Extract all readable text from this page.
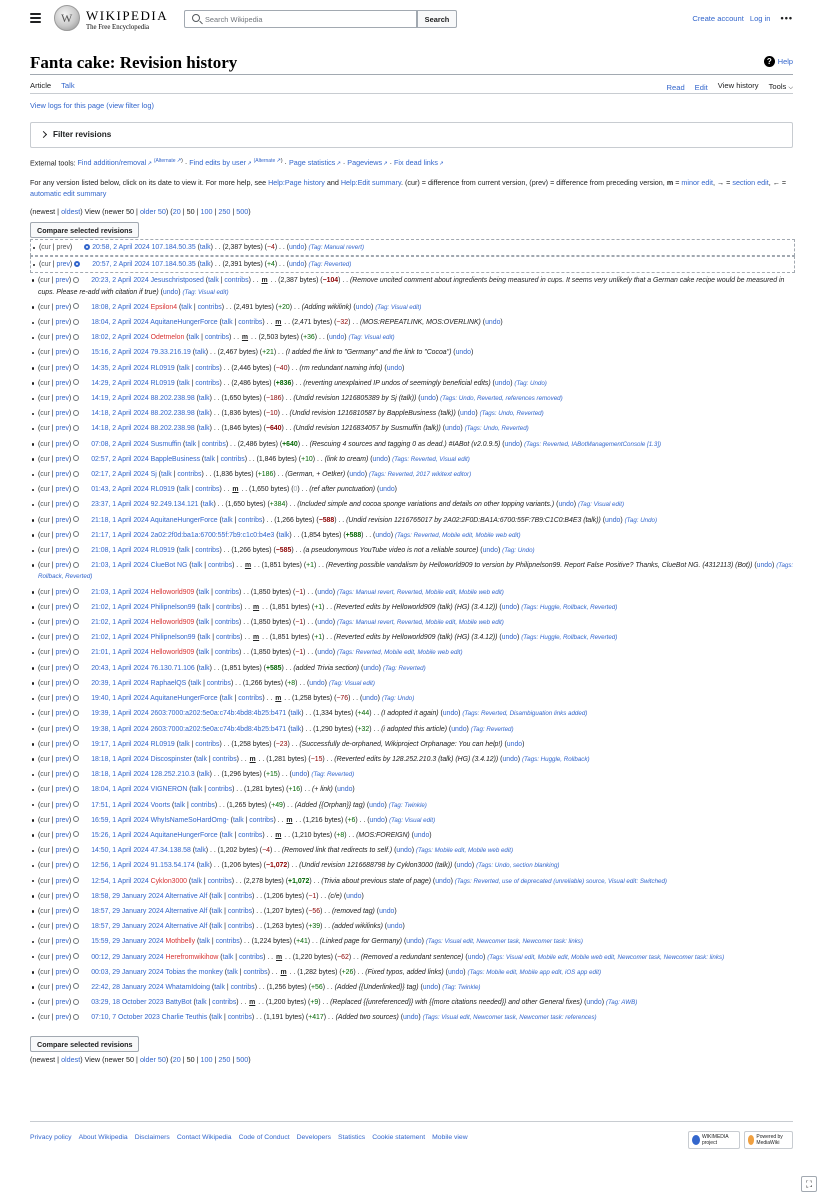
W
WIKIPEDIA
The Free Encyclopedia
Search Wikipedia
Search	Create account Log in •••
Fanta cake: Revision history	? Help
Article Talk	Read Edit View history Tools ⌵
View logs for this page (view filter log)
Filter revisions
External tools: Find addition/removal ↗ $^{(Alternate ↗ )}$ · Find edits by user ↗ $^{(Alternate ↗ )}$ · Page statistics ↗ · Pageviews ↗ · Fix dead links ↗
For any version listed below, click on its date to view it. For more help, see Help:Page history and Help:Edit summary. (cur) = difference from current version, (prev) = difference from preceding version, m = minor edit, → = section edit, ← = automatic edit summary
(newest | oldest) View (newer 50 | older 50) (20 | 50 | 100 | 250 | 500)
Compare selected revisions
(cur | prev)	20:58, 2 April 2024 107.184.50.35 (talk) . . (2,387 bytes) (−4) . . (undo) (Tag: Manual revert)
(cur | prev)	20:57, 2 April 2024 107.184.50.35 (talk) . . (2,391 bytes) (+4) . . (undo) (Tag: Reverted)
(cur | prev)	20:23, 2 April 2024 Jesuschristposed (talk | contribs) . . m . . (2,387 bytes) (−104) . . (Remove uncited comment about ingredients being measured in cups. It seems very unlikely that a German cake recipe would be measured in cups. Please re-add with citation if true) (undo) (Tag: Visual edit)
(cur | prev)	18:08, 2 April 2024 Epsilon4 (talk | contribs) . . (2,491 bytes) (+20) . . (Adding wikilink) (undo) (Tag: Visual edit)
(cur | prev)	18:04, 2 April 2024 AquitaneHungerForce (talk | contribs) . . m . . (2,471 bytes) (−32) . . (MOS:REPEATLINK, MOS:OVERLINK) (undo)
(cur | prev)	18:02, 2 April 2024 Odetmelon (talk | contribs) . . m . . (2,503 bytes) (+36) . . (undo) (Tag: Visual edit)
(cur | prev)	15:16, 2 April 2024 79.33.216.19 (talk) . . (2,467 bytes) (+21) . . (I added the link to "Germany" and the link to "Cocoa") (undo)
(cur | prev)	14:35, 2 April 2024 RL0919 (talk | contribs) . . (2,446 bytes) (−40) . . (rm redundant naming info) (undo)
(cur | prev)	14:29, 2 April 2024 RL0919 (talk | contribs) . . (2,486 bytes) (+836) . . (reverting unexplained IP undos of seemingly beneficial edits) (undo) (Tag: Undo)
(cur | prev)	14:19, 2 April 2024 88.202.238.98 (talk) . . (1,650 bytes) (−186) . . (Undid revision 1216805389 by Sj (talk)) (undo) (Tags: Undo, Reverted, references removed)
(cur | prev)	14:18, 2 April 2024 88.202.238.98 (talk) . . (1,836 bytes) (−10) . . (Undid revision 1216810587 by BappleBusiness (talk)) (undo) (Tags: Undo, Reverted)
(cur | prev)	14:18, 2 April 2024 88.202.238.98 (talk) . . (1,846 bytes) (−640) . . (Undid revision 1216834057 by Susmuffin (talk)) (undo) (Tags: Undo, Reverted)
(cur | prev)	07:08, 2 April 2024 Susmuffin (talk | contribs) . . (2,486 bytes) (+640) . . (Rescuing 4 sources and tagging 0 as dead.) #IABot (v2.0.9.5) (undo) (Tags: Reverted, IABotManagementConsole [1.3])
(cur | prev)	02:57, 2 April 2024 BappleBusiness (talk | contribs) . . (1,846 bytes) (+10) . . (link to cream) (undo) (Tags: Reverted, Visual edit)
(cur | prev)	02:17, 2 April 2024 Sj (talk | contribs) . . (1,836 bytes) (+186) . . (German, + Oetker) (undo) (Tags: Reverted, 2017 wikitext editor)
(cur | prev)	01:43, 2 April 2024 RL0919 (talk | contribs) . . m . . (1,650 bytes) (0) . . (ref after punctuation) (undo)
(cur | prev)	23:37, 1 April 2024 92.249.134.121 (talk) . . (1,650 bytes) (+384) . . (Included simple and cocoa sponge variations and details on other topping variants.) (undo) (Tag: Visual edit)
(cur | prev)	21:18, 1 April 2024 AquitaneHungerForce (talk | contribs) . . (1,266 bytes) (−588) . . (Undid revision 1216765017 by 2A02:2F0D:BA1A:6700:55F:7B9:C1C0:B4E3 (talk)) (undo) (Tag: Undo)
(cur | prev)	21:17, 1 April 2024 2a02:2f0d:ba1a:6700:55f:7b9:c1c0:b4e3 (talk) . . (1,854 bytes) (+588) . . (undo) (Tags: Reverted, Mobile edit, Mobile web edit)
(cur | prev)	21:08, 1 April 2024 RL0919 (talk | contribs) . . (1,266 bytes) (−585) . . (a pseudonymous YouTube video is not a reliable source) (undo) (Tag: Undo)
(cur | prev)	21:03, 1 April 2024 ClueBot NG (talk | contribs) . . m . . (1,851 bytes) (+1) . . (Reverting possible vandalism by Helloworld909 to version by Philipnelson99. Report False Positive? Thanks, ClueBot NG. (4312113) (Bot)) (undo) (Tags: Rollback, Reverted)
(cur | prev)	21:03, 1 April 2024 Helloworld909 (talk | contribs) . . (1,850 bytes) (−1) . . (undo) (Tags: Manual revert, Reverted, Mobile edit, Mobile web edit)
(cur | prev)	21:02, 1 April 2024 Philipnelson99 (talk | contribs) . . m . . (1,851 bytes) (+1) . . (Reverted edits by Helloworld909 (talk) (HG) (3.4.12)) (undo) (Tags: Huggle, Rollback, Reverted)
(cur | prev)	21:02, 1 April 2024 Helloworld909 (talk | contribs) . . (1,850 bytes) (−1) . . (undo) (Tags: Manual revert, Reverted, Mobile edit, Mobile web edit)
(cur | prev)	21:02, 1 April 2024 Philipnelson99 (talk | contribs) . . m . . (1,851 bytes) (+1) . . (Reverted edits by Helloworld909 (talk) (HG) (3.4.12)) (undo) (Tags: Huggle, Rollback, Reverted)
(cur | prev)	21:01, 1 April 2024 Helloworld909 (talk | contribs) . . (1,850 bytes) (−1) . . (undo) (Tags: Reverted, Mobile edit, Mobile web edit)
(cur | prev)	20:43, 1 April 2024 76.130.71.106 (talk) . . (1,851 bytes) (+585) . . (added Trivia section) (undo) (Tag: Reverted)
(cur | prev)	20:39, 1 April 2024 RaphaelQS (talk | contribs) . . (1,266 bytes) (+8) . . (undo) (Tag: Visual edit)
(cur | prev)	19:40, 1 April 2024 AquitaneHungerForce (talk | contribs) . . m . . (1,258 bytes) (−76) . . (undo) (Tag: Undo)
(cur | prev)	19:39, 1 April 2024 2603:7000:a202:5e0a:c74b:4bd8:4b25:b471 (talk) . . (1,334 bytes) (+44) . . (I adopted it again) (undo) (Tags: Reverted, Disambiguation links added)
(cur | prev)	19:38, 1 April 2024 2603:7000:a202:5e0a:c74b:4bd8:4b25:b471 (talk) . . (1,290 bytes) (+32) . . (i adopted this article) (undo) (Tag: Reverted)
(cur | prev)	19:17, 1 April 2024 RL0919 (talk | contribs) . . (1,258 bytes) (−23) . . (Successfully de-orphaned, Wikiproject Orphanage: You can help!) (undo)
(cur | prev)	18:18, 1 April 2024 Discospinster (talk | contribs) . . m . . (1,281 bytes) (−15) . . (Reverted edits by 128.252.210.3 (talk) (HG) (3.4.12)) (undo) (Tags: Huggle, Rollback)
(cur | prev)	18:18, 1 April 2024 128.252.210.3 (talk) . . (1,296 bytes) (+15) . . (undo) (Tag: Reverted)
(cur | prev)	18:04, 1 April 2024 VIGNERON (talk | contribs) . . (1,281 bytes) (+16) . . (+ link) (undo)
(cur | prev)	17:51, 1 April 2024 Voorts (talk | contribs) . . (1,265 bytes) (+49) . . (Added {{Orphan}} tag) (undo) (Tag: Twinkle)
(cur | prev)	16:59, 1 April 2024 WhyIsNameSoHardOmg- (talk | contribs) . . m . . (1,216 bytes) (+6) . . (undo) (Tag: Visual edit)
(cur | prev)	15:26, 1 April 2024 AquitaneHungerForce (talk | contribs) . . m . . (1,210 bytes) (+8) . . (MOS:FOREIGN) (undo)
(cur | prev)	14:50, 1 April 2024 47.34.138.58 (talk) . . (1,202 bytes) (−4) . . (Removed link that redirects to self.) (undo) (Tags: Mobile edit, Mobile web edit)
(cur | prev)	12:56, 1 April 2024 91.153.54.174 (talk) . . (1,206 bytes) (−1,072) . . (Undid revision 1216688798 by Cyklon3000 (talk)) (undo) (Tags: Undo, section blanking)
(cur | prev)	12:54, 1 April 2024 Cyklon3000 (talk | contribs) . . (2,278 bytes) (+1,072) . . (Trivia about previous state of page) (undo) (Tags: Reverted, use of deprecated (unreliable) source, Visual edit: Switched)
(cur | prev)	18:58, 29 January 2024 Alternative Alf (talk | contribs) . . (1,206 bytes) (−1) . . (c/e) (undo)
(cur | prev)	18:57, 29 January 2024 Alternative Alf (talk | contribs) . . (1,207 bytes) (−56) . . (removed tag) (undo)
(cur | prev)	18:57, 29 January 2024 Alternative Alf (talk | contribs) . . (1,263 bytes) (+39) . . (added wikilinks) (undo)
(cur | prev)	15:59, 29 January 2024 Mothbelly (talk | contribs) . . (1,224 bytes) (+41) . . (Linked page for Germany) (undo) (Tags: Visual edit, Newcomer task, Newcomer task: links)
(cur | prev)	00:12, 29 January 2024 Herefromwikihow (talk | contribs) . . m . . (1,220 bytes) (−62) . . (Removed a redundant sentence) (undo) (Tags: Visual edit, Mobile edit, Mobile web edit, Newcomer task, Newcomer task: links)
(cur | prev)	00:03, 29 January 2024 Tobias the monkey (talk | contribs) . . m . . (1,282 bytes) (+26) . . (Fixed typos, added links) (undo) (Tags: Mobile edit, Mobile app edit, iOS app edit)
(cur | prev)	22:42, 28 January 2024 WhatamIdoing (talk | contribs) . . (1,256 bytes) (+56) . . (Added {{Underlinked}} tag) (undo) (Tag: Twinkle)
(cur | prev)	03:29, 18 October 2023 BattyBot (talk | contribs) . . m . . (1,200 bytes) (+9) . . (Replaced {{unreferenced}} with {{more citations needed}} and other General fixes) (undo) (Tag: AWB)
(cur | prev)	07:10, 7 October 2023 Charlie Teuthis (talk | contribs) . . (1,191 bytes) (+417) . . (Added two sources) (undo) (Tags: Visual edit, Newcomer task, Newcomer task: references)
Compare selected revisions
(newest | oldest) View (newer 50 | older 50) (20 | 50 | 100 | 250 | 500)
Privacy policy About Wikipedia Disclaimers Contact Wikipedia Code of Conduct Developers Statistics Cookie statement Mobile view	WIKIMEDIA project
Powered by MediaWiki
⛶
